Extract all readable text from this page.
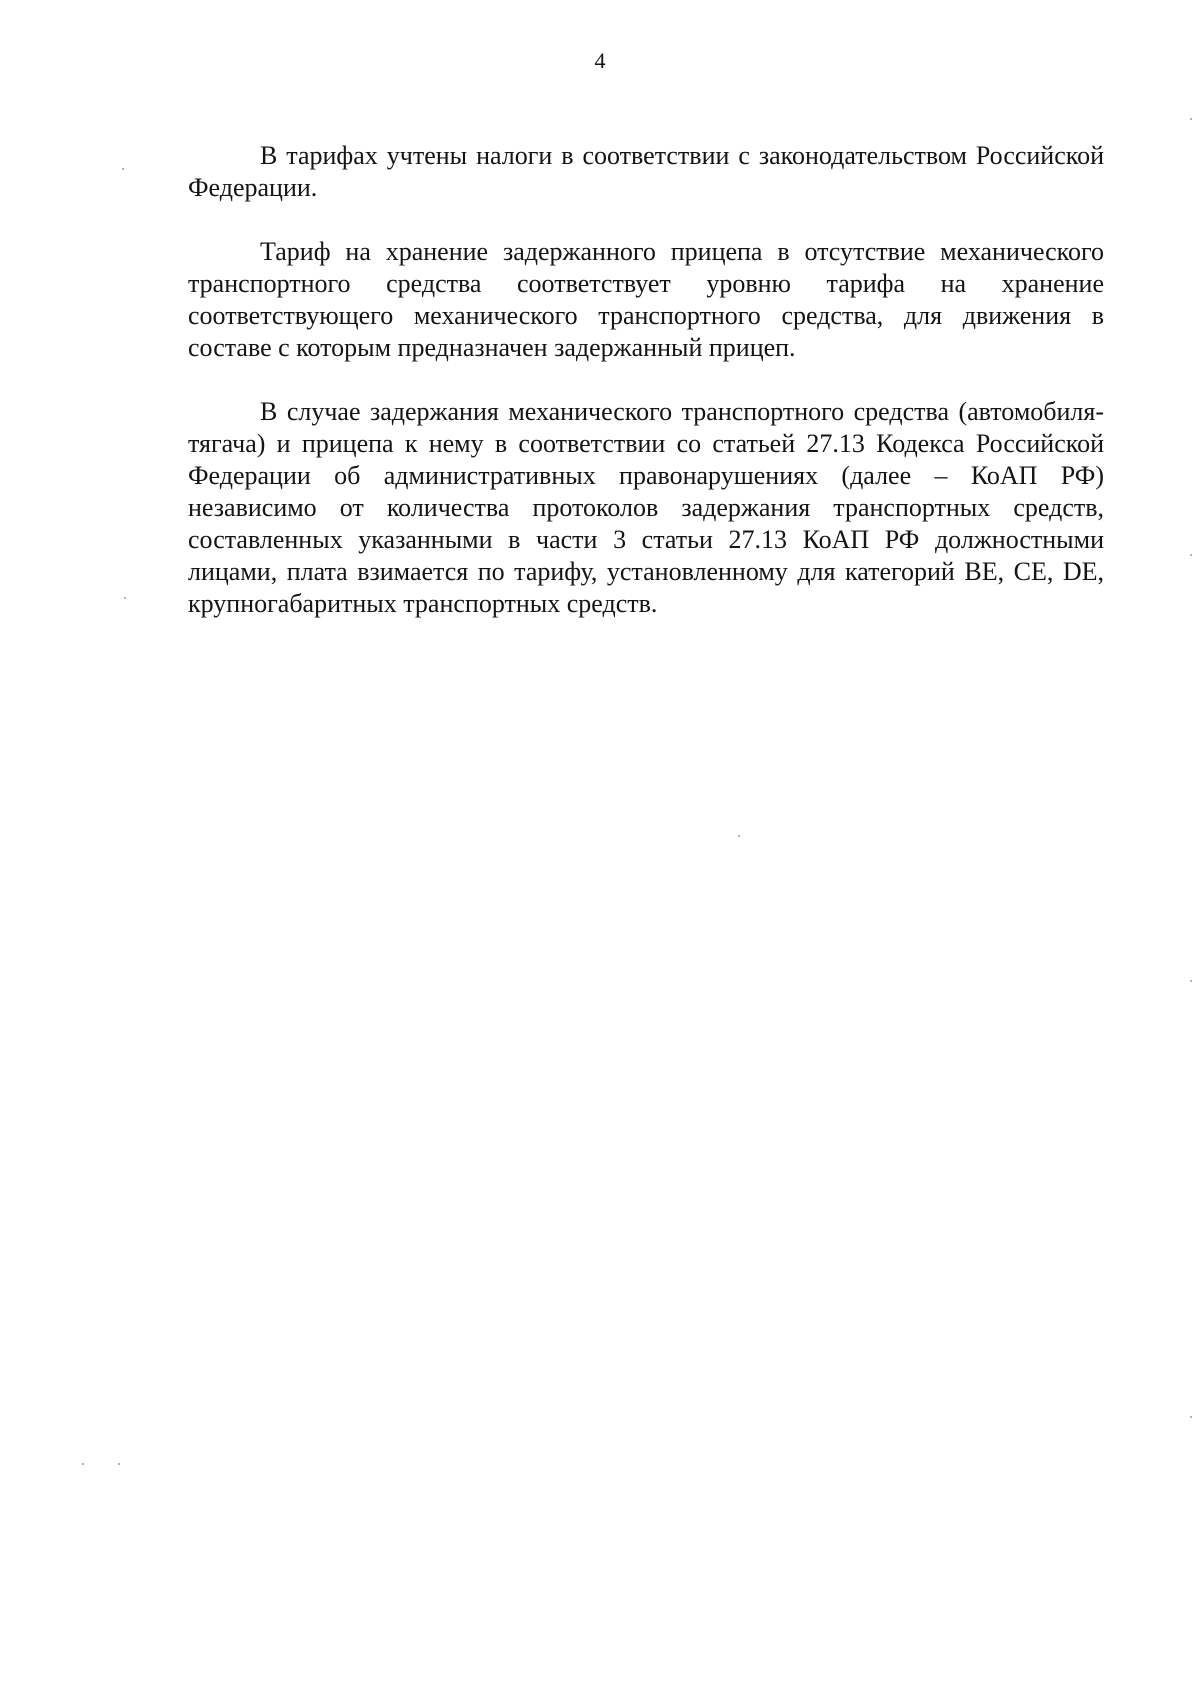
4

В тарифах учтены налоги в соответствии с законодательством Российской Федерации.

Тариф на хранение задержанного прицепа в отсутствие механического транспортного средства соответствует уровню тарифа на хранение соответствующего механического транспортного средства, для движения в составе с которым предназначен задержанный прицеп.

В случае задержания механического транспортного средства (автомобиля-тягача) и прицепа к нему в соответствии со статьей 27.13 Кодекса Российской Федерации об административных правонарушениях (далее – КоАП РФ) независимо от количества протоколов задержания транспортных средств, составленных указанными в части 3 статьи 27.13 КоАП РФ должностными лицами, плата взимается по тарифу, установленному для категорий BE, CE, DE, крупногабаритных транспортных средств.
